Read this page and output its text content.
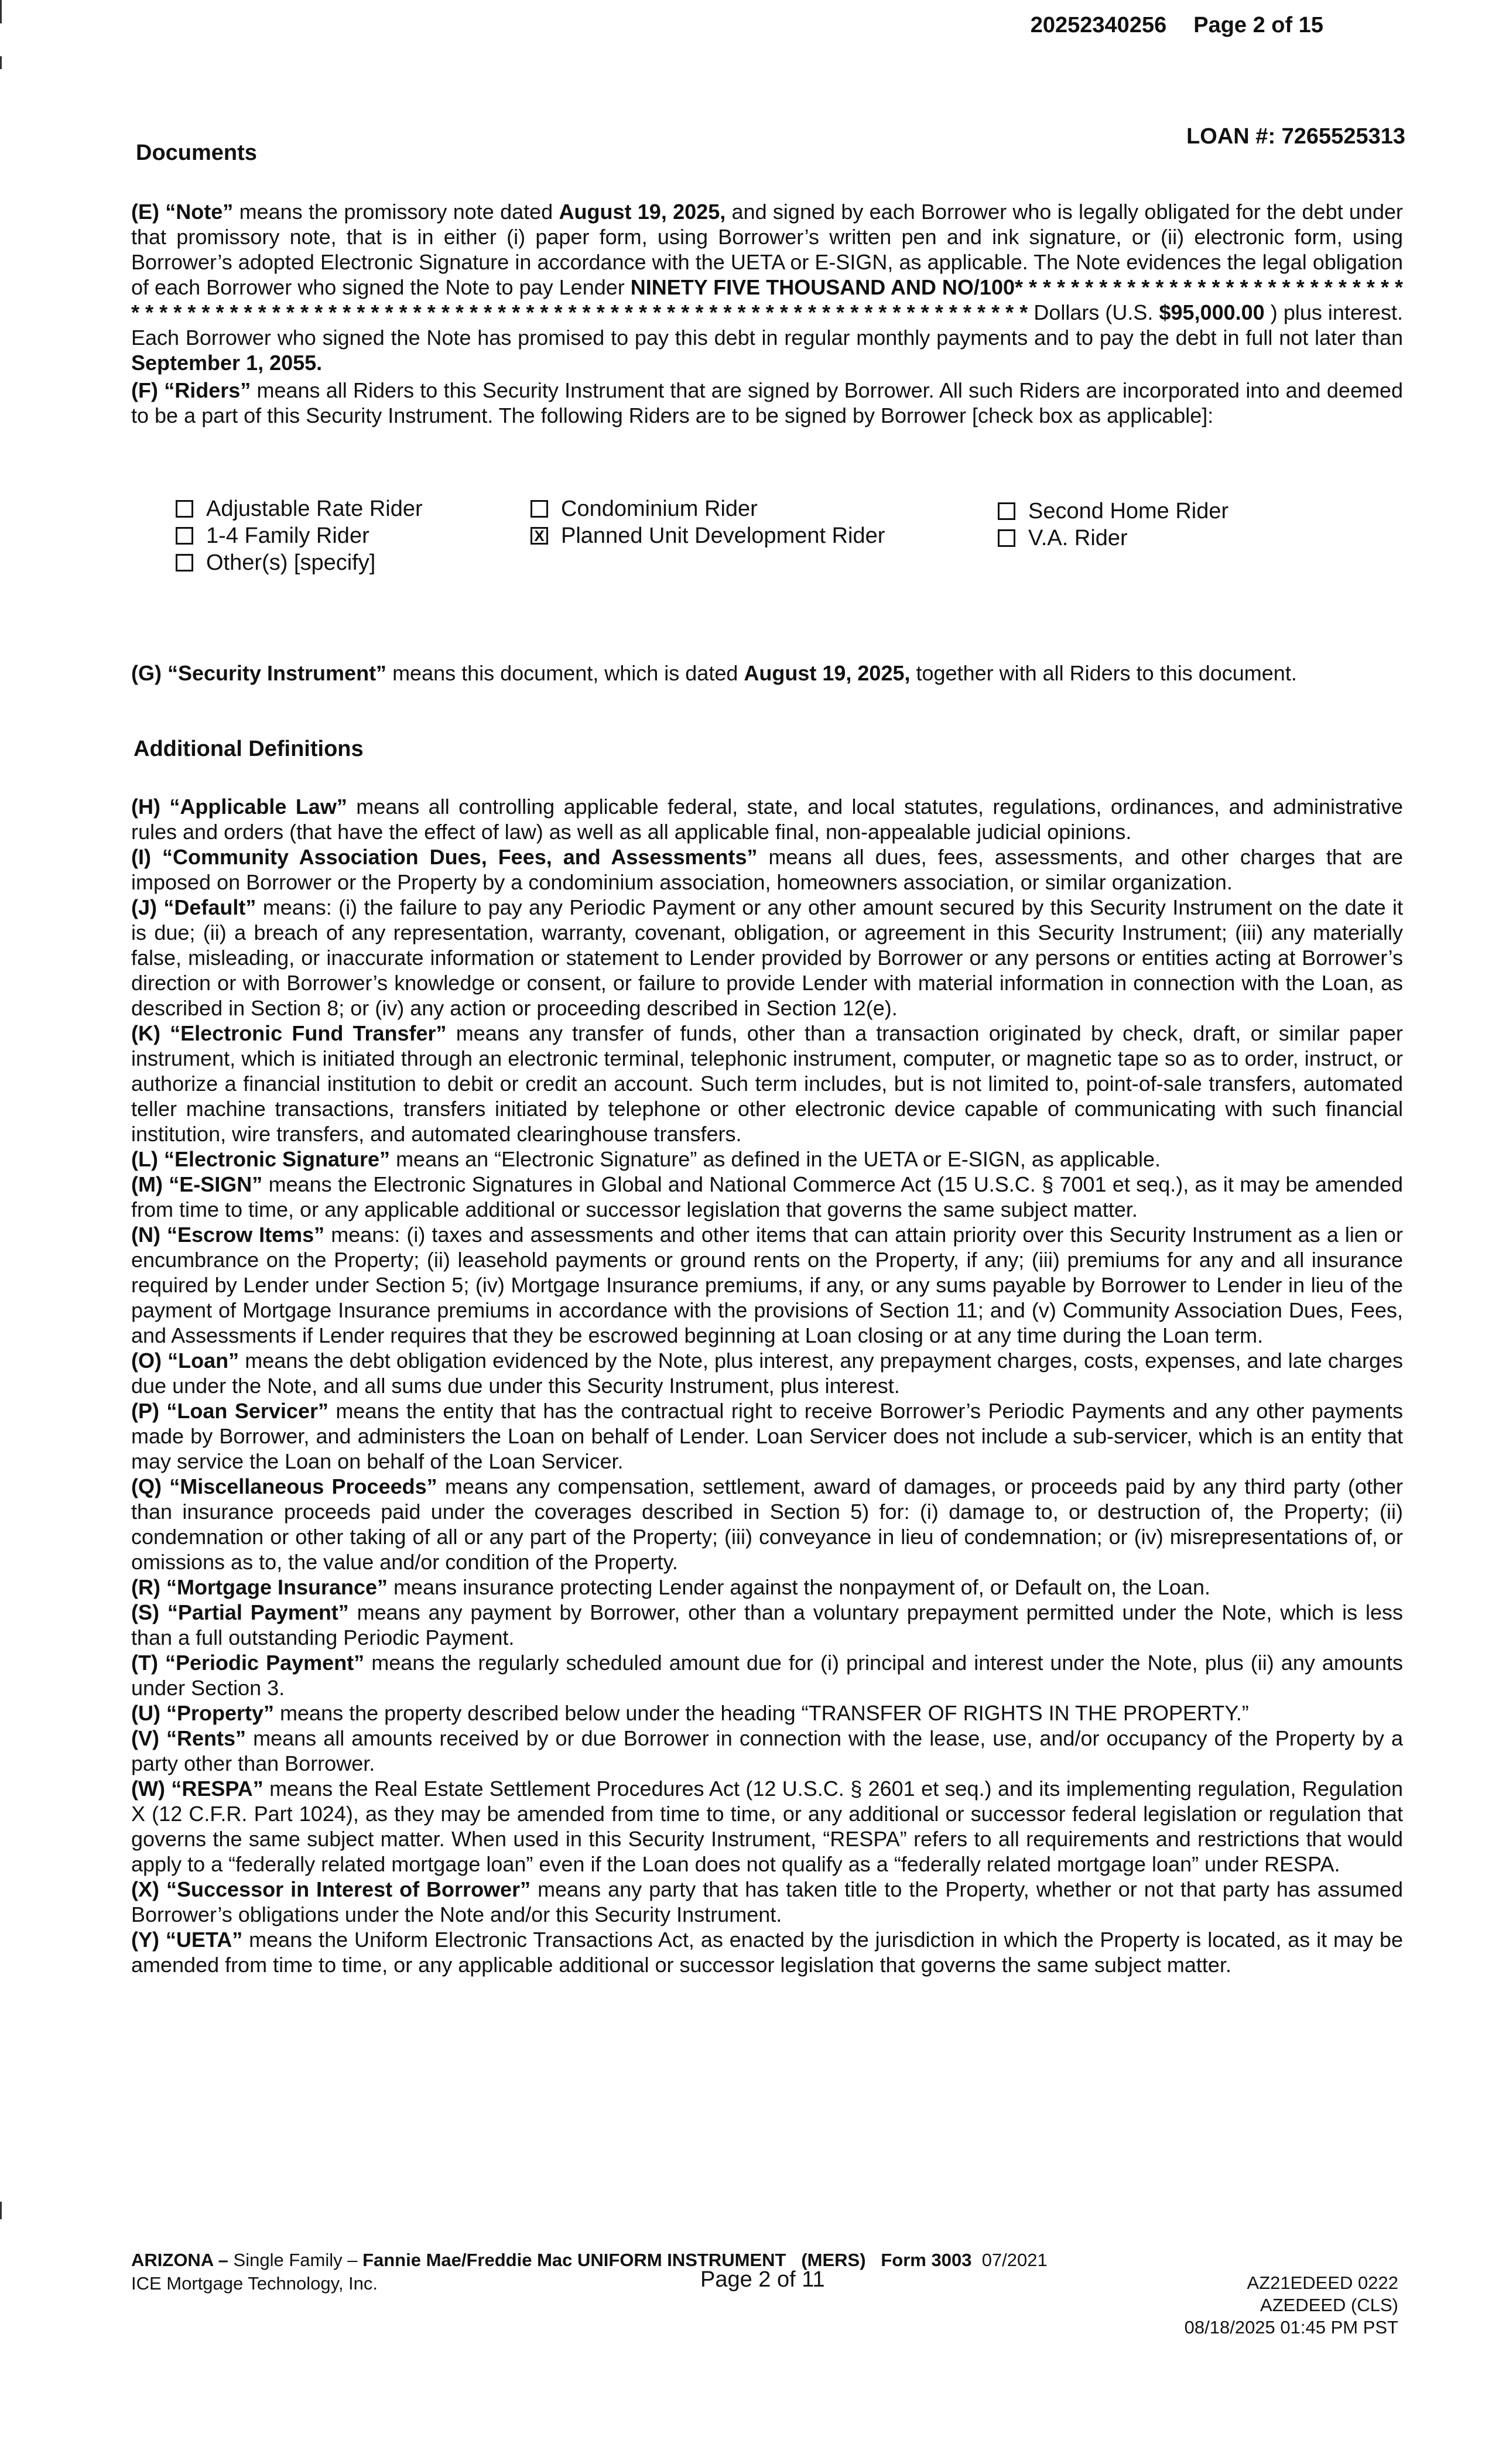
20252340256 Page 2 of 15
Documents
LOAN #: 7265525313

(E) “Note” means the promissory note dated August 19, 2025, and signed by each Borrower who is legally obligated for the debt under that promissory note, that is in either (i) paper form, using Borrower’s written pen and ink signature, or (ii) electronic form, using Borrower’s adopted Electronic Signature in accordance with the UETA or E-SIGN, as applicable. The Note evidences the legal obligation of each Borrower who signed the Note to pay Lender NINETY FIVE THOUSAND AND NO/100* * * * * * * * * * * * * * * * * * * * * * * * * * * * * * * * * * * * * * * * * * * * * * * * * * * * * * * * * * * * * * * * * * * * * * * * * * * * * * * * * * * * * * * * * * * * Dollars (U.S. $95,000.00 ) plus interest. Each Borrower who signed the Note has promised to pay this debt in regular monthly payments and to pay the debt in full not later than September 1, 2055.

(F) “Riders” means all Riders to this Security Instrument that are signed by Borrower. All such Riders are incorporated into and deemed to be a part of this Security Instrument. The following Riders are to be signed by Borrower [check box as applicable]:

Adjustable Rate Rider
1-4 Family Rider
Other(s) [specify]
Condominium Rider
X Planned Unit Development Rider
Second Home Rider
V.A. Rider

(G) “Security Instrument” means this document, which is dated August 19, 2025, together with all Riders to this document.

Additional Definitions

(H) “Applicable Law” means all controlling applicable federal, state, and local statutes, regulations, ordinances, and administrative rules and orders (that have the effect of law) as well as all applicable final, non-appealable judicial opinions.

(I) “Community Association Dues, Fees, and Assessments” means all dues, fees, assessments, and other charges that are imposed on Borrower or the Property by a condominium association, homeowners association, or similar organization.

(J) “Default” means: (i) the failure to pay any Periodic Payment or any other amount secured by this Security Instrument on the date it is due; (ii) a breach of any representation, warranty, covenant, obligation, or agreement in this Security Instrument; (iii) any materially false, misleading, or inaccurate information or statement to Lender provided by Borrower or any persons or entities acting at Borrower’s direction or with Borrower’s knowledge or consent, or failure to provide Lender with material information in connection with the Loan, as described in Section 8; or (iv) any action or proceeding described in Section 12(e).

(K) “Electronic Fund Transfer” means any transfer of funds, other than a transaction originated by check, draft, or similar paper instrument, which is initiated through an electronic terminal, telephonic instrument, computer, or magnetic tape so as to order, instruct, or authorize a financial institution to debit or credit an account. Such term includes, but is not limited to, point-of-sale transfers, automated teller machine transactions, transfers initiated by telephone or other electronic device capable of communicating with such financial institution, wire transfers, and automated clearinghouse transfers.

(L) “Electronic Signature” means an “Electronic Signature” as defined in the UETA or E-SIGN, as applicable.

(M) “E-SIGN” means the Electronic Signatures in Global and National Commerce Act (15 U.S.C. § 7001 et seq.), as it may be amended from time to time, or any applicable additional or successor legislation that governs the same subject matter.

(N) “Escrow Items” means: (i) taxes and assessments and other items that can attain priority over this Security Instrument as a lien or encumbrance on the Property; (ii) leasehold payments or ground rents on the Property, if any; (iii) premiums for any and all insurance required by Lender under Section 5; (iv) Mortgage Insurance premiums, if any, or any sums payable by Borrower to Lender in lieu of the payment of Mortgage Insurance premiums in accordance with the provisions of Section 11; and (v) Community Association Dues, Fees, and Assessments if Lender requires that they be escrowed beginning at Loan closing or at any time during the Loan term.

(O) “Loan” means the debt obligation evidenced by the Note, plus interest, any prepayment charges, costs, expenses, and late charges due under the Note, and all sums due under this Security Instrument, plus interest.

(P) “Loan Servicer” means the entity that has the contractual right to receive Borrower’s Periodic Payments and any other payments made by Borrower, and administers the Loan on behalf of Lender. Loan Servicer does not include a sub-servicer, which is an entity that may service the Loan on behalf of the Loan Servicer.

(Q) “Miscellaneous Proceeds” means any compensation, settlement, award of damages, or proceeds paid by any third party (other than insurance proceeds paid under the coverages described in Section 5) for: (i) damage to, or destruction of, the Property; (ii) condemnation or other taking of all or any part of the Property; (iii) conveyance in lieu of condemnation; or (iv) misrepresentations of, or omissions as to, the value and/or condition of the Property.

(R) “Mortgage Insurance” means insurance protecting Lender against the nonpayment of, or Default on, the Loan.

(S) “Partial Payment” means any payment by Borrower, other than a voluntary prepayment permitted under the Note, which is less than a full outstanding Periodic Payment.

(T) “Periodic Payment” means the regularly scheduled amount due for (i) principal and interest under the Note, plus (ii) any amounts under Section 3.

(U) “Property” means the property described below under the heading “TRANSFER OF RIGHTS IN THE PROPERTY.”

(V) “Rents” means all amounts received by or due Borrower in connection with the lease, use, and/or occupancy of the Property by a party other than Borrower.

(W) “RESPA” means the Real Estate Settlement Procedures Act (12 U.S.C. § 2601 et seq.) and its implementing regulation, Regulation X (12 C.F.R. Part 1024), as they may be amended from time to time, or any additional or successor federal legislation or regulation that governs the same subject matter. When used in this Security Instrument, “RESPA” refers to all requirements and restrictions that would apply to a “federally related mortgage loan” even if the Loan does not qualify as a “federally related mortgage loan” under RESPA.

(X) “Successor in Interest of Borrower” means any party that has taken title to the Property, whether or not that party has assumed Borrower’s obligations under the Note and/or this Security Instrument.

(Y) “UETA” means the Uniform Electronic Transactions Act, as enacted by the jurisdiction in which the Property is located, as it may be amended from time to time, or any applicable additional or successor legislation that governs the same subject matter.

ARIZONA – Single Family – Fannie Mae/Freddie Mac UNIFORM INSTRUMENT (MERS) Form 3003 07/2021
ICE Mortgage Technology, Inc.	Page 2 of 11	AZ21EDEED 0222
AZEDEED (CLS)
08/18/2025 01:45 PM PST
